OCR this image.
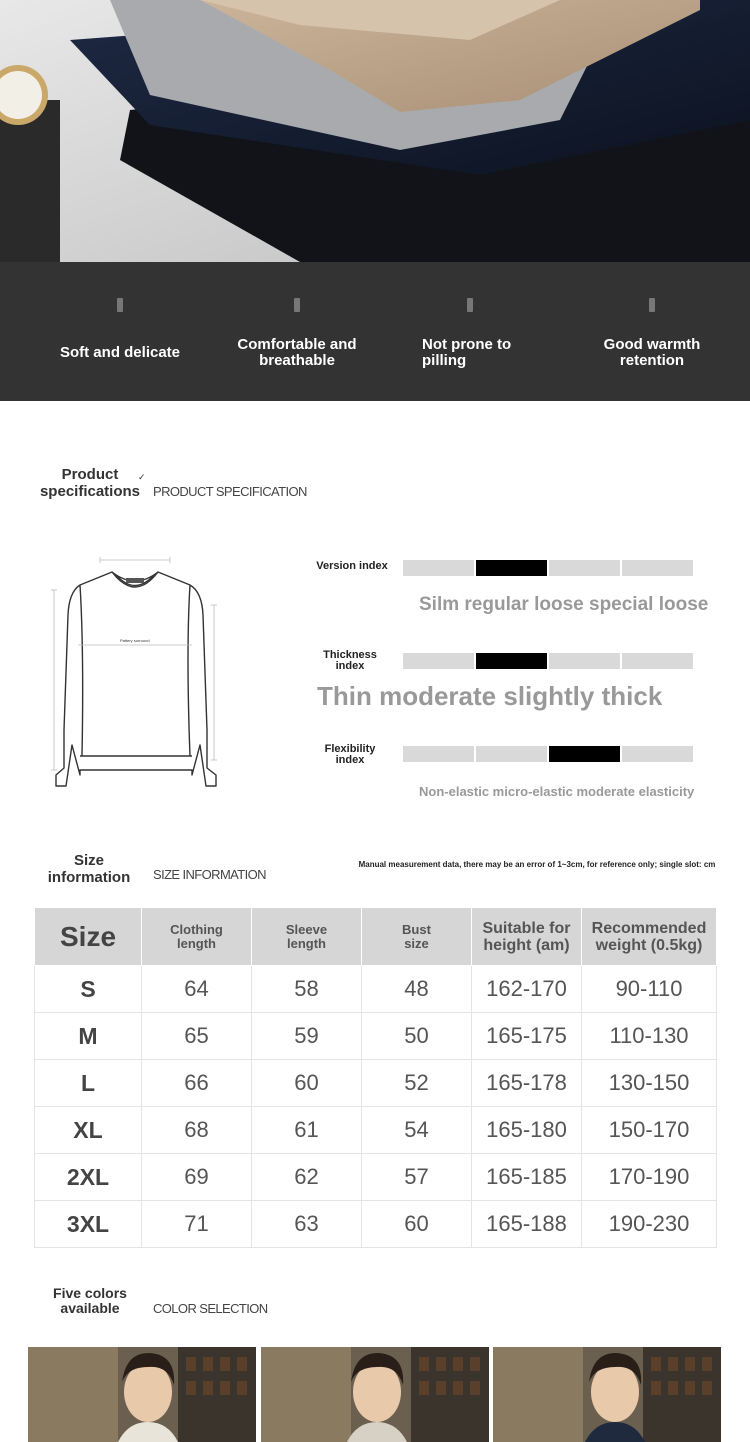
Soft and delicate	Comfortable and breathable
Not prone to pilling
Good warmth retention
Product specifications
✓
PRODUCT SPECIFICATION
Pattery surround
Version index
Silm regular loose special loose
Thickness index
Thin moderate slightly thick
Flexibility index
Non-elastic micro-elastic moderate elasticity
Size information	SIZE INFORMATION
Manual measurement data, there may be an error of 1~3cm, for reference only; single slot: cm
Size	Clothing length	Sleeve length	Bust size	Suitable for height (am)	Recommended weight (0.5kg)
S	64	58	48	162-170	90-110
M	65	59	50	165-175	110-130
L	66	60	52	165-178	130-150
XL	68	61	54	165-180	150-170
2XL	69	62	57	165-185	170-190
3XL	71	63	60	165-188	190-230
Five colors available	COLOR SELECTION
